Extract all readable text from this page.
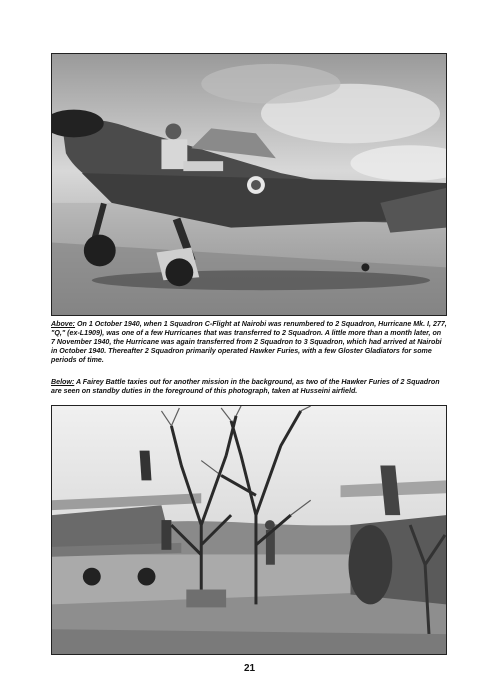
Above: On 1 October 1940, when 1 Squadron C-Flight at Nairobi was renumbered to 2 Squadron, Hurricane Mk. I, 277, "Q," (ex-L1909), was one of a few Hurricanes that was transferred to 2 Squadron. A little more than a month later, on 7 November 1940, the Hurricane was again transferred from 2 Squadron to 3 Squadron, which had arrived at Nairobi in October 1940. Thereafter 2 Squadron primarily operated Hawker Furies, with a few Gloster Gladiators for some periods of time.

Below: A Fairey Battle taxies out for another mission in the background, as two of the Hawker Furies of 2 Squadron are seen on standby duties in the foreground of this photograph, taken at Husseini airfield.

21
